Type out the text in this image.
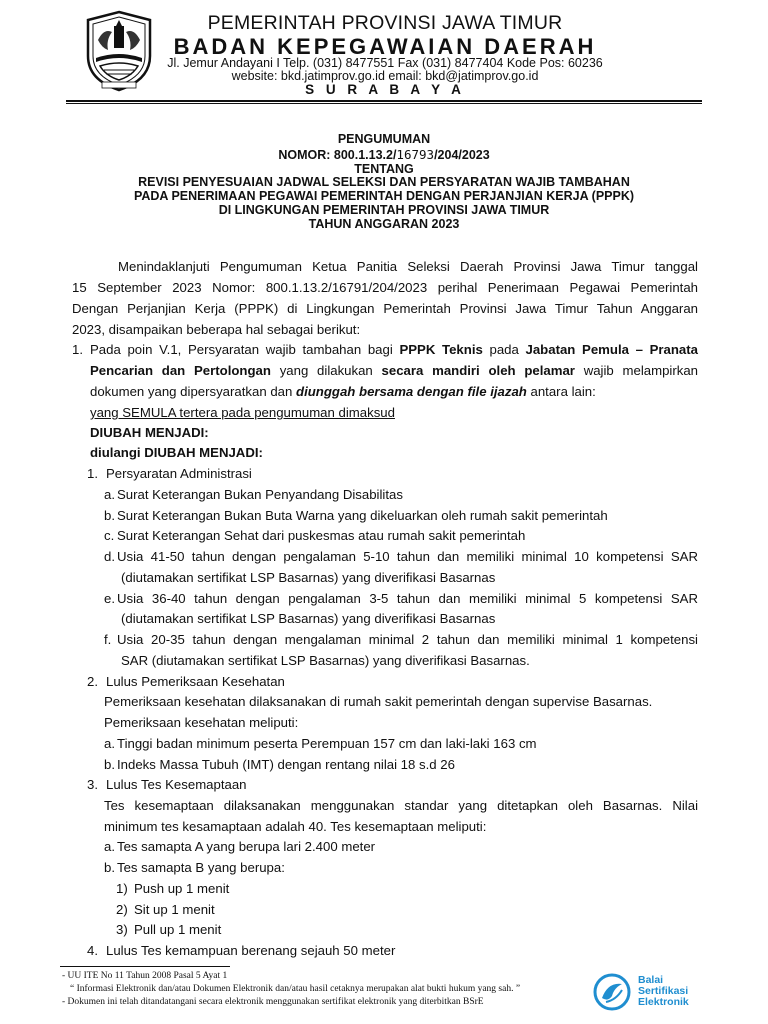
PEMERINTAH PROVINSI JAWA TIMUR
BADAN KEPEGAWAIAN DAERAH
Jl. Jemur Andayani I Telp. (031) 8477551 Fax (031) 8477404 Kode Pos: 60236
website: bkd.jatimprov.go.id email: bkd@jatimprov.go.id
S U R A B A Y A
PENGUMUMAN
NOMOR: 800.1.13.2/16793/204/2023
TENTANG
REVISI PENYESUAIAN JADWAL SELEKSI DAN PERSYARATAN WAJIB TAMBAHAN
PADA PENERIMAAN PEGAWAI PEMERINTAH DENGAN PERJANJIAN KERJA (PPPK)
DI LINGKUNGAN PEMERINTAH PROVINSI JAWA TIMUR
TAHUN ANGGARAN 2023
Menindaklanjuti Pengumuman Ketua Panitia Seleksi Daerah Provinsi Jawa Timur tanggal
15 September 2023 Nomor: 800.1.13.2/16791/204/2023 perihal Penerimaan Pegawai Pemerintah
Dengan Perjanjian Kerja (PPPK) di Lingkungan Pemerintah Provinsi Jawa Timur Tahun Anggaran
2023, disampaikan beberapa hal sebagai berikut:
1. Pada poin V.1, Persyaratan wajib tambahan bagi PPPK Teknis pada Jabatan Pemula – Pranata
Pencarian dan Pertolongan yang dilakukan secara mandiri oleh pelamar wajib melampirkan
dokumen yang dipersyaratkan dan diunggah bersama dengan file ijazah antara lain:
yang SEMULA tertera pada pengumuman dimaksud
DIUBAH MENJADI:
diulangi DIUBAH MENJADI:
1. Persyaratan Administrasi
a. Surat Keterangan Bukan Penyandang Disabilitas
b. Surat Keterangan Bukan Buta Warna yang dikeluarkan oleh rumah sakit pemerintah
c. Surat Keterangan Sehat dari puskesmas atau rumah sakit pemerintah
d. Usia 41-50 tahun dengan pengalaman 5-10 tahun dan memiliki minimal 10 kompetensi SAR
(diutamakan sertifikat LSP Basarnas) yang diverifikasi Basarnas
e. Usia 36-40 tahun dengan pengalaman 3-5 tahun dan memiliki minimal 5 kompetensi SAR
(diutamakan sertifikat LSP Basarnas) yang diverifikasi Basarnas
f. Usia 20-35 tahun dengan mengalaman minimal 2 tahun dan memiliki minimal 1 kompetensi
SAR (diutamakan sertifikat LSP Basarnas) yang diverifikasi Basarnas.
2. Lulus Pemeriksaan Kesehatan
Pemeriksaan kesehatan dilaksanakan di rumah sakit pemerintah dengan supervise Basarnas.
Pemeriksaan kesehatan meliputi:
a. Tinggi badan minimum peserta Perempuan 157 cm dan laki-laki 163 cm
b. Indeks Massa Tubuh (IMT) dengan rentang nilai 18 s.d 26
3. Lulus Tes Kesemaptaan
Tes kesemaptaan dilaksanakan menggunakan standar yang ditetapkan oleh Basarnas. Nilai
minimum tes kesamaptaan adalah 40. Tes kesemaptaan meliputi:
a. Tes samapta A yang berupa lari 2.400 meter
b. Tes samapta B yang berupa:
1) Push up 1 menit
2) Sit up 1 menit
3) Pull up 1 menit
4. Lulus Tes kemampuan berenang sejauh 50 meter
- UU ITE No 11 Tahun 2008 Pasal 5 Ayat 1
“ Informasi Elektronik dan/atau Dokumen Elektronik dan/atau hasil cetaknya merupakan alat bukti hukum yang sah. ”
- Dokumen ini telah ditandatangani secara elektronik menggunakan sertifikat elektronik yang diterbitkan BSrE
Balai
Sertifikasi
Elektronik
